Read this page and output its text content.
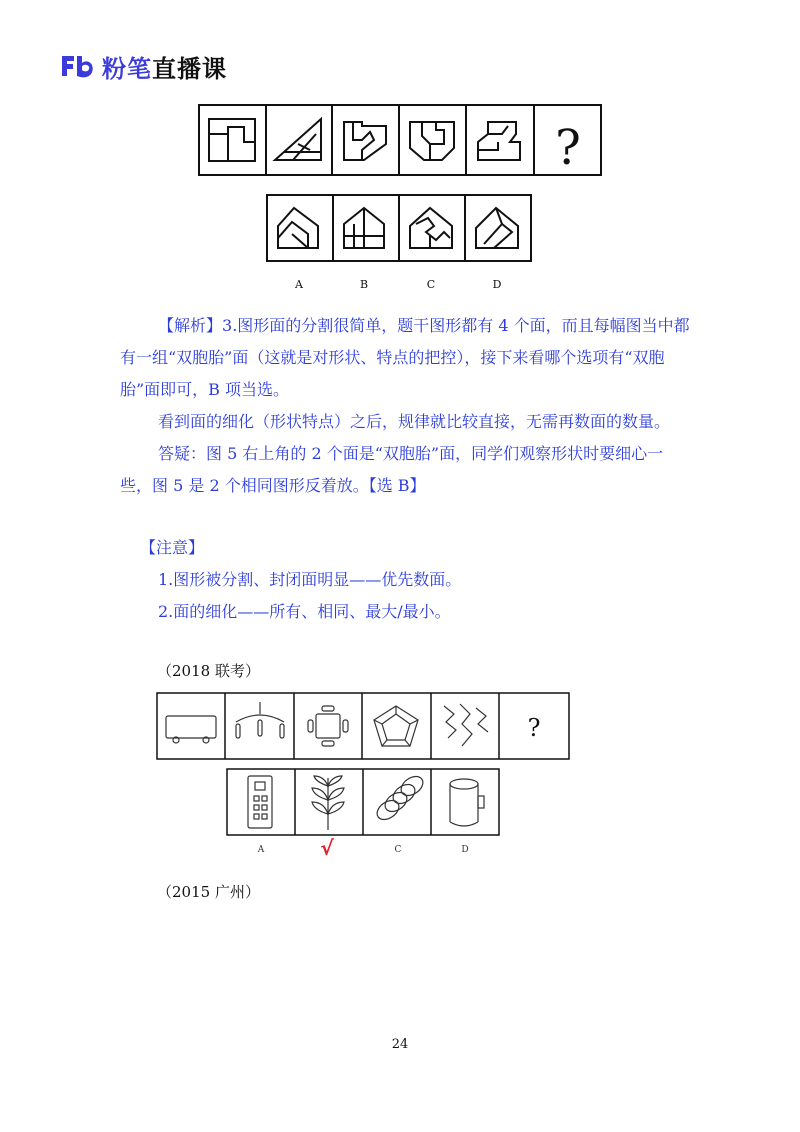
粉笔直播课
?
A	B	C	D
【解析】3.图形面的分割很简单，题干图形都有 4 个面，而且每幅图当中都有一组“双胞胎”面（这就是对形状、特点的把控），接下来看哪个选项有“双胞胎”面即可，B 项当选。
看到面的细化（形状特点）之后，规律就比较直接，无需再数面的数量。
答疑：图 5 右上角的 2 个面是“双胞胎”面，同学们观察形状时要细心一些，图 5 是 2 个相同图形反着放。【选 B】
【注意】
1.图形被分割、封闭面明显——优先数面。
2.面的细化——所有、相同、最大/最小。
（2018 联考）
?
A	C	D
√
（2015 广州）
24
